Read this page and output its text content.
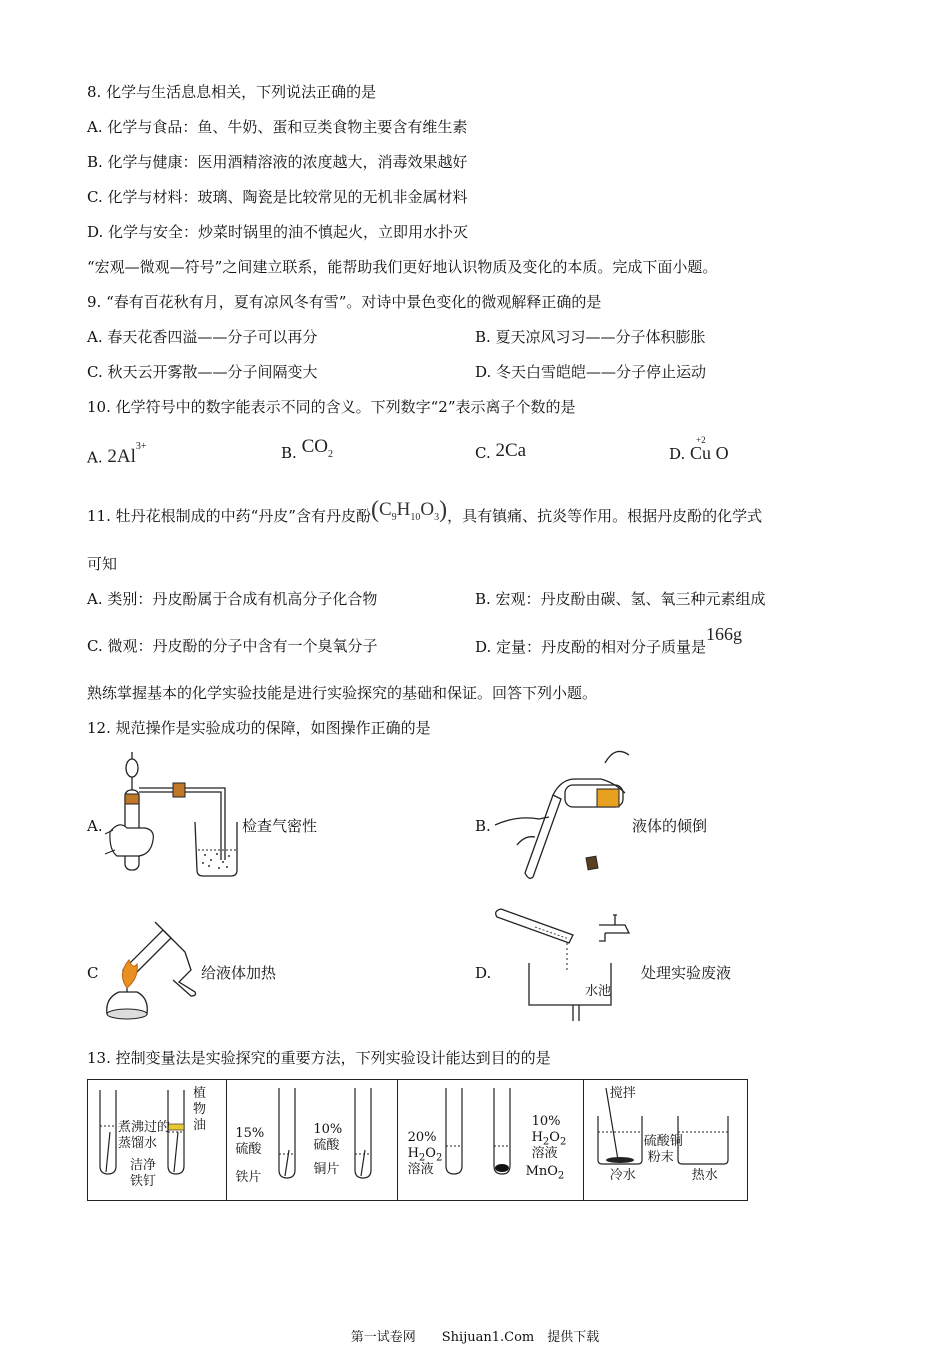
8. 化学与生活息息相关，下列说法正确的是
A. 化学与食品：鱼、牛奶、蛋和豆类食物主要含有维生素
B. 化学与健康：医用酒精溶液的浓度越大，消毒效果越好
C. 化学与材料：玻璃、陶瓷是比较常见的无机非金属材料
D. 化学与安全：炒菜时锅里的油不慎起火，立即用水扑灭
“宏观—微观—符号”之间建立联系，能帮助我们更好地认识物质及变化的本质。完成下面小题。
9. “春有百花秋有月，夏有凉风冬有雪”。对诗中景色变化的微观解释正确的是
A. 春天花香四溢——分子可以再分	B. 夏天凉风习习——分子体积膨胀
C. 秋天云开雾散——分子间隔变大	D. 冬天白雪皑皑——分子停止运动
10. 化学符号中的数字能表示不同的含义。下列数字“2”表示离子个数的是
A. $2Al^{3+}$	B. $CO_2$	C. 2Ca	D.
+2
Cu O
11. 牡丹花根制成的中药“丹皮”含有丹皮酚$(C_9H_{10}O_3)$，具有镇痛、抗炎等作用。根据丹皮酚的化学式
可知
A. 类别：丹皮酚属于合成有机高分子化合物	B. 宏观：丹皮酚由碳、氢、氧三种元素组成
C. 微观：丹皮酚的分子中含有一个臭氧分子	D. 定量：丹皮酚的相对分子质量是166g
熟练掌握基本的化学实验技能是进行实验探究的基础和保证。回答下列小题。
12. 规范操作是实验成功的保障，如图操作正确的是
A.	检查气密性	B.	液体的倾倒
C	给液体加热	D.
水池
处理实验废液
13. 控制变量法是实验探究的重要方法，下列实验设计能达到目的的是
煮沸过的
蒸馏水
洁净
铁钉
植
物
油

15%
硫酸
铁片
10%
硫酸
铜片

20%
$H_2O_2$
溶液
10%
$H_2O_2$
溶液
MnO$_2$

搅拌
硫酸铜
粉末
冷水	热水
第一试卷网　　Shijuan1.Com　提供下载
